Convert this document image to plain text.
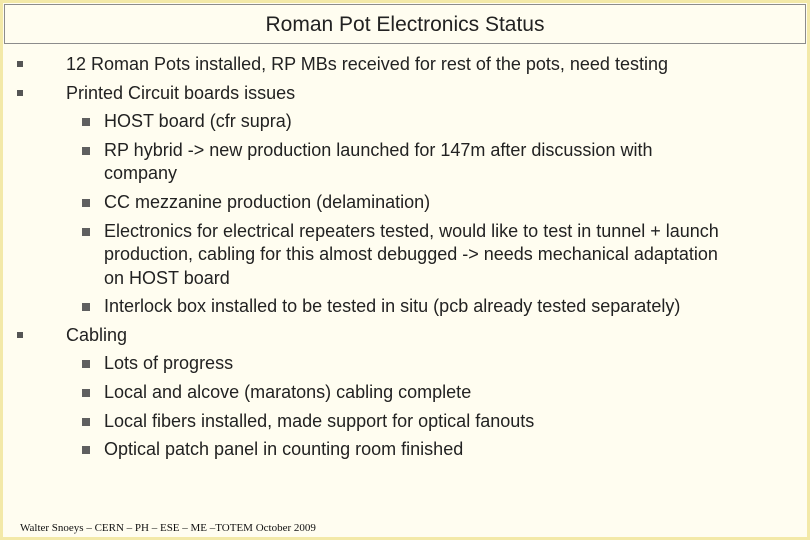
Roman Pot Electronics Status
12 Roman Pots installed, RP MBs received for rest of the pots, need testing
Printed Circuit boards issues
HOST board (cfr supra)
RP hybrid -> new production launched for 147m after discussion with
company
CC mezzanine production (delamination)
Electronics for electrical repeaters tested, would like to test in tunnel + launch
production, cabling for this almost debugged -> needs mechanical adaptation
on HOST board
Interlock box installed to be tested in situ (pcb already tested separately)
Cabling
Lots of progress
Local and alcove (maratons) cabling complete
Local fibers installed, made support for optical fanouts
Optical patch panel in counting room finished
Walter Snoeys – CERN – PH – ESE – ME –TOTEM October 2009
